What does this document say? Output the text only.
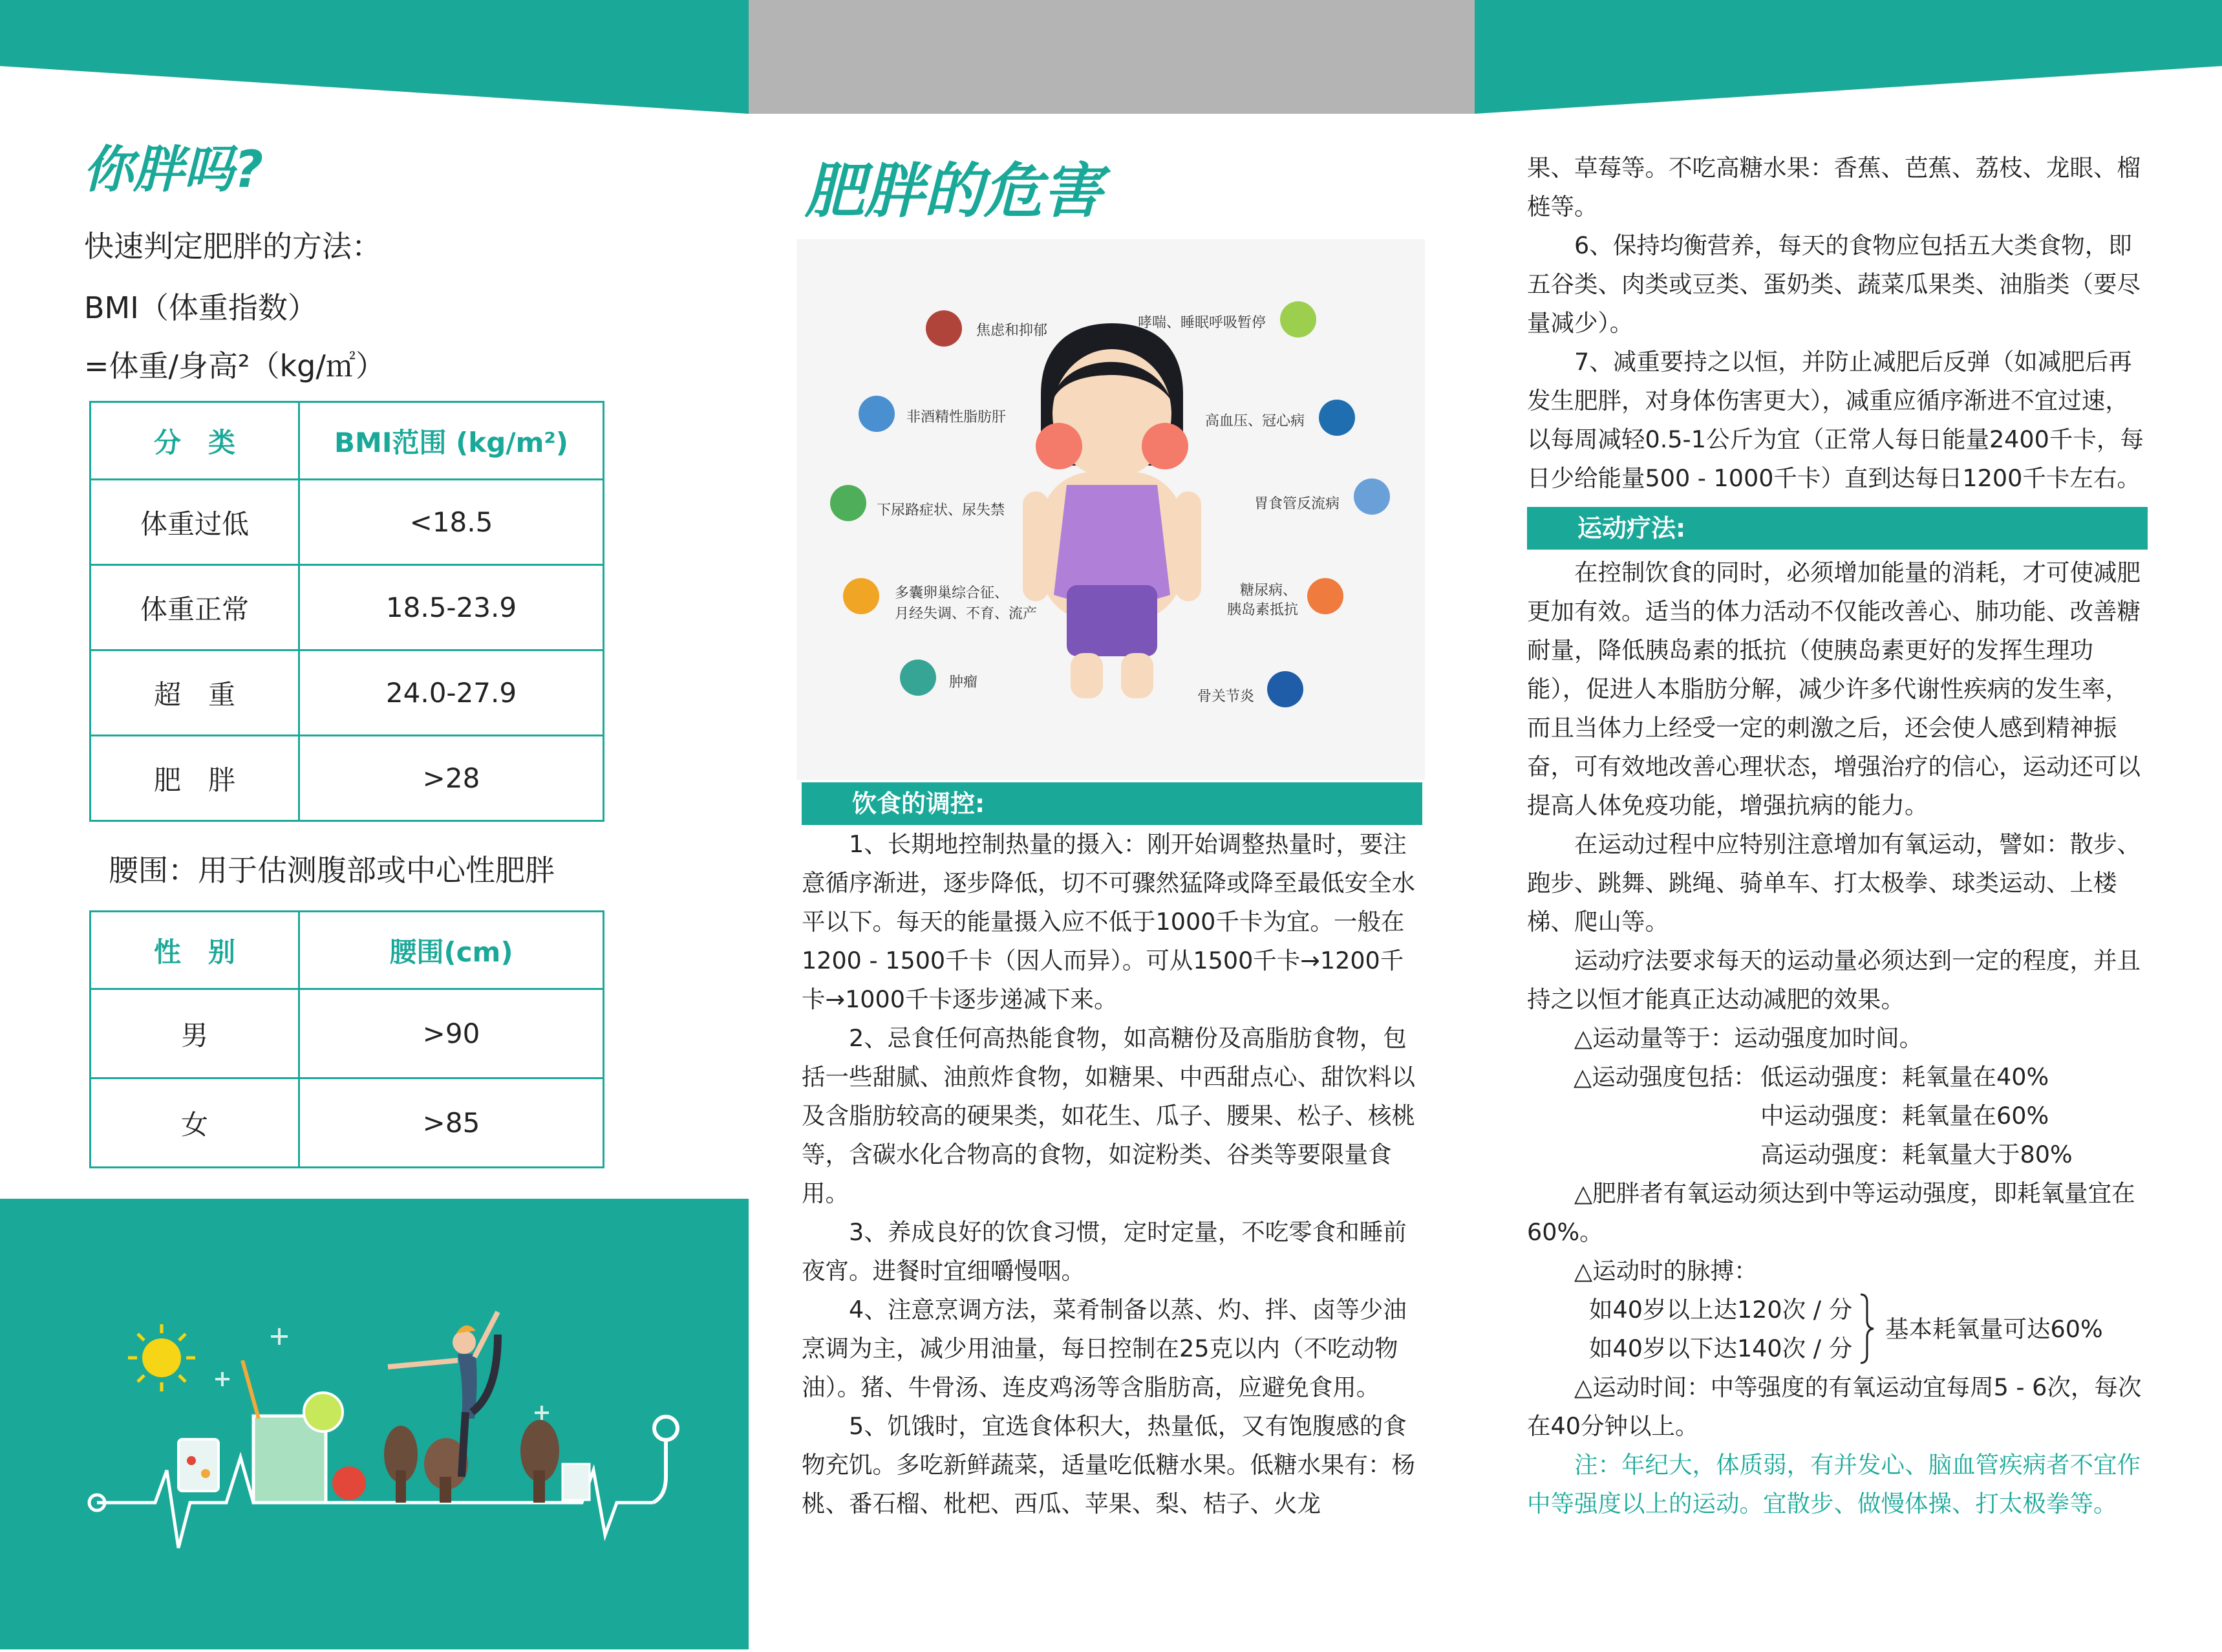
你胖吗?
快速判定肥胖的方法：
BMI（体重指数）
=体重/身高²（kg/㎡）
分　类	BMI范围 (kg/m²)
体重过低	<18.5
体重正常	18.5-23.9
超　重	24.0-27.9
肥　胖	>28
腰围：用于估测腹部或中心性肥胖
性　别	腰围(cm)
男	>90
女	>85
肥胖的危害
焦虑和抑郁
非酒精性脂肪肝
下尿路症状、尿失禁
多囊卵巢综合征、
月经失调、不育、流产
肿瘤
哮喘、睡眠呼吸暂停
高血压、冠心病
胃食管反流病
糖尿病、
胰岛素抵抗
骨关节炎
饮食的调控:

1、长期地控制热量的摄入：刚开始调整热量时，要注意循序渐进，逐步降低，切不可骤然猛降或降至最低安全水平以下。每天的能量摄入应不低于1000千卡为宜。一般在1200 - 1500千卡（因人而异）。可从1500千卡→1200千卡→1000千卡逐步递减下来。

2、忌食任何高热能食物，如高糖份及高脂肪食物，包括一些甜腻、油煎炸食物，如糖果、中西甜点心、甜饮料以及含脂肪较高的硬果类，如花生、瓜子、腰果、松子、核桃等，含碳水化合物高的食物，如淀粉类、谷类等要限量食用。

3、养成良好的饮食习惯，定时定量，不吃零食和睡前夜宵。进餐时宜细嚼慢咽。

4、注意烹调方法，菜肴制备以蒸、灼、拌、卤等少油烹调为主，减少用油量，每日控制在25克以内（不吃动物油）。猪、牛骨汤、连皮鸡汤等含脂肪高，应避免食用。

5、饥饿时，宜选食体积大，热量低，又有饱腹感的食物充饥。多吃新鲜蔬菜，适量吃低糖水果。低糖水果有：杨桃、番石榴、枇杷、西瓜、苹果、梨、桔子、火龙

果、草莓等。不吃高糖水果：香蕉、芭蕉、荔枝、龙眼、榴梿等。

6、保持均衡营养，每天的食物应包括五大类食物，即五谷类、肉类或豆类、蛋奶类、蔬菜瓜果类、油脂类（要尽量减少）。

7、减重要持之以恒，并防止减肥后反弹（如减肥后再发生肥胖，对身体伤害更大），减重应循序渐进不宜过速，以每周减轻0.5-1公斤为宜（正常人每日能量2400千卡，每日少给能量500 - 1000千卡）直到达每日1200千卡左右。

运动疗法:

在控制饮食的同时，必须增加能量的消耗，才可使减肥更加有效。适当的体力活动不仅能改善心、肺功能、改善糖耐量，降低胰岛素的抵抗（使胰岛素更好的发挥生理功能），促进人本脂肪分解，减少许多代谢性疾病的发生率，而且当体力上经受一定的刺激之后，还会使人感到精神振奋，可有效地改善心理状态，增强治疗的信心，运动还可以提高人体免疫功能，增强抗病的能力。

在运动过程中应特别注意增加有氧运动，譬如：散步、跑步、跳舞、跳绳、骑单车、打太极拳、球类运动、上楼梯、爬山等。

运动疗法要求每天的运动量必须达到一定的程度，并且持之以恒才能真正达动减肥的效果。

△运动量等于：运动强度加时间。

△运动强度包括： 低运动强度：耗氧量在40%
中运动强度：耗氧量在60%
高运动强度：耗氧量大于80%

△肥胖者有氧运动须达到中等运动强度，即耗氧量宜在60%。

△运动时的脉搏：

如40岁以上达120次 / 分
如40岁以下达140次 / 分
基本耗氧量可达60%

△运动时间：中等强度的有氧运动宜每周5 - 6次，每次在40分钟以上。

注：年纪大，体质弱，有并发心、脑血管疾病者不宜作中等强度以上的运动。宜散步、做慢体操、打太极拳等。
